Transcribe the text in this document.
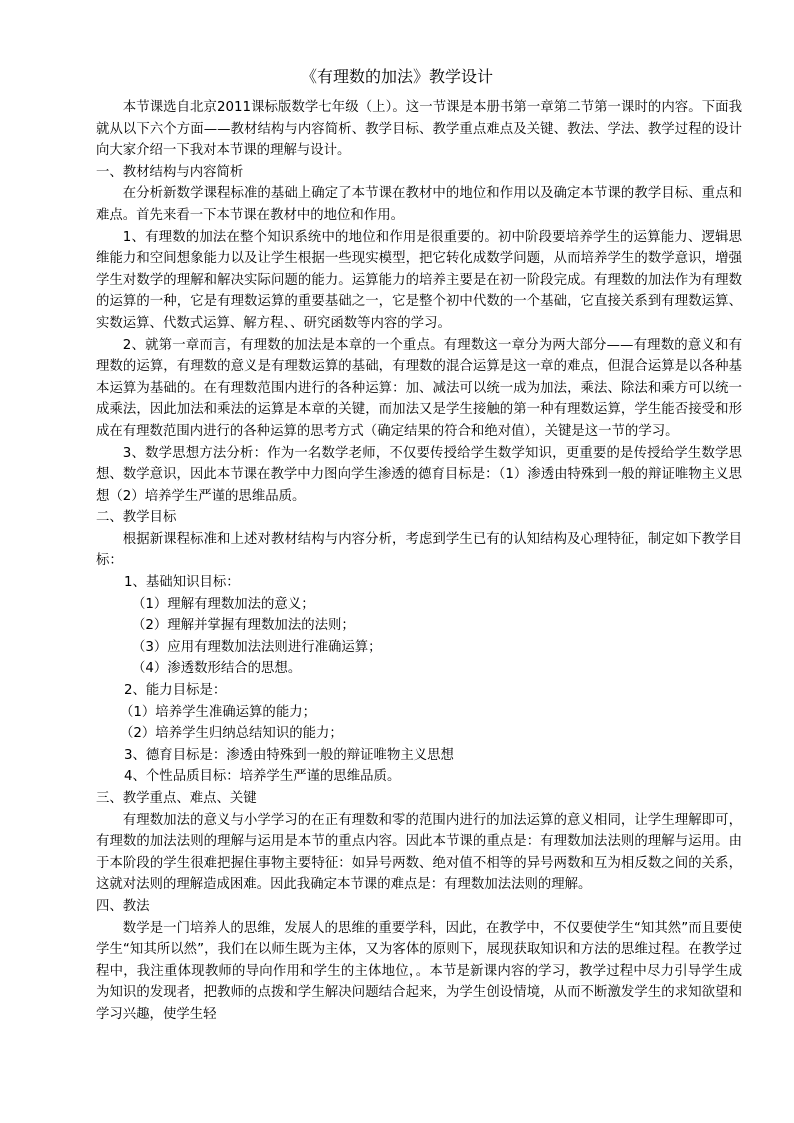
《有理数的加法》教学设计

本节课选自北京2011课标版数学七年级（上）。这一节课是本册书第一章第二节第一课时的内容。下面我就从以下六个方面——教材结构与内容简析、教学目标、教学重点难点及关键、教法、学法、教学过程的设计向大家介绍一下我对本节课的理解与设计。

一、教材结构与内容简析

在分析新数学课程标准的基础上确定了本节课在教材中的地位和作用以及确定本节课的教学目标、重点和难点。首先来看一下本节课在教材中的地位和作用。

1、有理数的加法在整个知识系统中的地位和作用是很重要的。初中阶段要培养学生的运算能力、逻辑思维能力和空间想象能力以及让学生根据一些现实模型，把它转化成数学问题，从而培养学生的数学意识，增强学生对数学的理解和解决实际问题的能力。运算能力的培养主要是在初一阶段完成。有理数的加法作为有理数的运算的一种，它是有理数运算的重要基础之一，它是整个初中代数的一个基础，它直接关系到有理数运算、实数运算、代数式运算、解方程、、研究函数等内容的学习。

2、就第一章而言，有理数的加法是本章的一个重点。有理数这一章分为两大部分——有理数的意义和有理数的运算，有理数的意义是有理数运算的基础，有理数的混合运算是这一章的难点，但混合运算是以各种基本运算为基础的。在有理数范围内进行的各种运算：加、减法可以统一成为加法，乘法、除法和乘方可以统一成乘法，因此加法和乘法的运算是本章的关键，而加法又是学生接触的第一种有理数运算，学生能否接受和形成在有理数范围内进行的各种运算的思考方式（确定结果的符合和绝对值），关键是这一节的学习。

3、数学思想方法分析：作为一名数学老师，不仅要传授给学生数学知识，更重要的是传授给学生数学思想、数学意识，因此本节课在教学中力图向学生渗透的德育目标是：（1）渗透由特殊到一般的辩证唯物主义思想（2）培养学生严谨的思维品质。

二、教学目标

根据新课程标准和上述对教材结构与内容分析，考虑到学生已有的认知结构及心理特征，制定如下教学目标：

1、基础知识目标：

（1）理解有理数加法的意义；

（2）理解并掌握有理数加法的法则；

（3）应用有理数加法法则进行准确运算；

（4）渗透数形结合的思想。

2、能力目标是：

（1）培养学生准确运算的能力；

（2）培养学生归纳总结知识的能力；

3、德育目标是：渗透由特殊到一般的辩证唯物主义思想

4、个性品质目标：培养学生严谨的思维品质。

三、教学重点、难点、关键

有理数加法的意义与小学学习的在正有理数和零的范围内进行的加法运算的意义相同，让学生理解即可，有理数的加法法则的理解与运用是本节的重点内容。因此本节课的重点是：有理数加法法则的理解与运用。由于本阶段的学生很难把握住事物主要特征：如异号两数、绝对值不相等的异号两数和互为相反数之间的关系，这就对法则的理解造成困难。因此我确定本节课的难点是：有理数加法法则的理解。

四、教法

数学是一门培养人的思维，发展人的思维的重要学科，因此，在教学中，不仅要使学生“知其然”而且要使学生“知其所以然”，我们在以师生既为主体，又为客体的原则下，展现获取知识和方法的思维过程。在教学过程中，我注重体现教师的导向作用和学生的主体地位，。本节是新课内容的学习，教学过程中尽力引导学生成为知识的发现者，把教师的点拨和学生解决问题结合起来，为学生创设情境，从而不断激发学生的求知欲望和学习兴趣，使学生轻
